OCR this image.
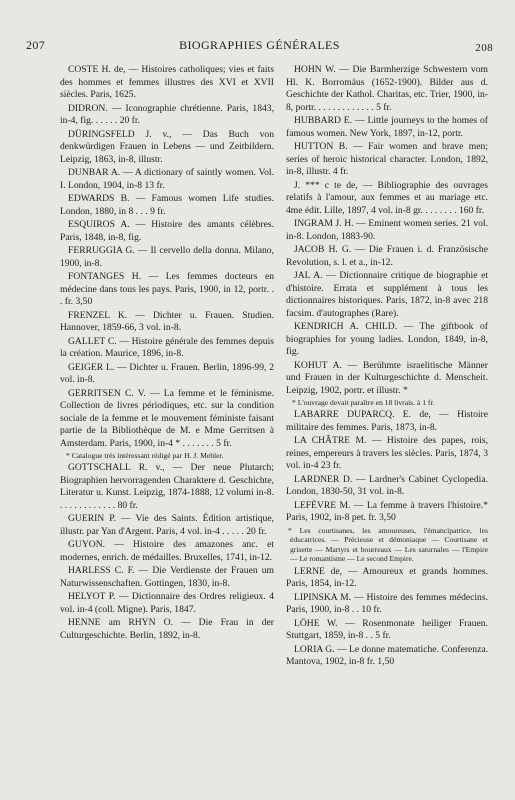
207	BIOGRAPHIES GÉNÉRALES	208

COSTE H. de, — Histoires catholiques; vies et faits des hommes et femmes illustres des XVI et XVII siècles. Paris, 1625.

DIDRON. — Iconographie chrétienne. Paris, 1843, in-4, fig. . . . . . 20 fr.

DÜRINGSFELD J. v., — Das Buch von denkwürdigen Frauen in Lebens — und Zeitbildern. Leipzig, 1863, in-8, illustr.

DUNBAR A. — A dictionary of saintly women. Vol. I. London, 1904, in-8 13 fr.

EDWARDS B. — Famous women Life studies. London, 1880, in 8 . . . 9 fr.

ESQUIROS A. — Histoire des amants célèbres. Paris, 1848, in-8, fig.

FERRUGGIA G. — Il cervello della donna. Milano, 1900, in-8.

FONTANGES H. — Les femmes docteurs en médecine dans tous les pays. Paris, 1900, in 12, portr. . . fr. 3,50

FRENZEL K. — Dichter u. Frauen. Studien. Hannover, 1859-66, 3 vol. in-8.

GALLET C. — Histoire générale des femmes depuis la création. Maurice, 1896, in-8.

GEIGER L. — Dichter u. Frauen. Berlin, 1896-99, 2 vol. in-8.

GERRITSEN C. V. — La femme et le féminisme. Collection de livres périodiques, etc. sur la condition sociale de la femme et le mouvement féministe faisant partie de la Bibliothèque de M. e Mme Gerritsen à Amsterdam. Paris, 1900, in-4 * . . . . . . . 5 fr.

* Catalogue très intéressant rédigé par H. J. Mehler.

GOTTSCHALL R. v., — Der neue Plutarch; Biographien hervorragenden Charaktere d. Geschichte, Literatur u. Kunst. Leipzig, 1874-1888, 12 volumi in-8. . . . . . . . . . . . . 80 fr.

GUERIN P. — Vie des Saints. Édition artistique, illustr. par Yan d'Argent. Paris, 4 vol. in-4 . . . . . 20 fr.

GUYON. — Histoire des amazones anc. et modernes, enrich. de médailles. Bruxelles, 1741, in-12.

HARLESS C. F. — Die Verdienste der Frauen um Naturwissenschaften. Gottingen, 1830, in-8.

HELYOT P. — Dictionnaire des Ordres religieux. 4 vol. in-4 (coll. Migne). Paris, 1847.

HENNE am RHYN O. — Die Frau in der Culturgeschichte. Berlin, 1892, in-8.

HOHN W. — Die Barmherzige Schwestern vom Hl. K. Borromäus (1652-1900). Bilder aus d. Geschichte der Kathol. Charitas, etc. Trier, 1900, in-8, portr. . . . . . . . . . . . . 5 fr.

HUBBARD E. — Little journeys to the homes of famous women. New York, 1897, in-12, portr.

HUTTON B. — Fair women and brave men; series of heroic historical character. London, 1892, in-8, illustr. 4 fr.

J. *** c te de, — Bibliographie des ouvrages relatifs à l'amour, aux femmes et au mariage etc. 4me édit. Lille, 1897, 4 vol. in-8 gr. . . . . . . . 160 fr.

INGRAM J. H. — Eminent women series. 21 vol. in-8. London, 1883-90.

JACOB H. G. — Die Frauen i. d. Französische Revolution, s. l. et a., in-12.

JAL A. — Dictionnaire critique de biographie et d'histoire. Errata et supplément à tous les dictionnaires historiques. Paris, 1872, in-8 avec 218 facsim. d'autographes (Rare).

KENDRICH A. CHILD. — The giftbook of biographies for young ladies. London, 1849, in-8, fig.

KOHUT A. — Berühmte israelitische Männer und Frauen in der Kulturgeschichte d. Menscheit. Leipzig, 1902, portr. et illustr. *

* L'ouvrage devait paraître en 18 livrais. à 1 fr.

LABARRE DUPARCQ. E. de, — Histoire militaire des femmes. Paris, 1873, in-8.

LA CHÂTRE M. — Histoire des papes, rois, reines, empereurs à travers les siècles. Paris, 1874, 3 vol. in-4 23 fr.

LARDNER D. — Lardner's Cabinet Cyclopedia. London, 1830-50, 31 vol. in-8.

LEFÈVRE M. — La femme à travers l'histoire.* Paris, 1902, in-8 pet. fr. 3,50

* Les courtisanes, les amoureuses, l'émancipatrice, les éducatrices. — Précieuse et démoniaque — Courtisane et grisette — Martyrs et bourreaux — Les saturnales — l'Empire — Le romantisme — Le second Empire.

LERNE de, — Amoureux et grands hommes. Paris, 1854, in-12.

LIPINSKA M. — Histoire des femmes médecins. Paris, 1900, in-8 . . 10 fr.

LÖHE W. — Rosenmonate heiliger Frauen. Stuttgart, 1859, in-8 . . 5 fr.

LORIA G. — Le donne matematiche. Conferenza. Mantova, 1902, in-8 fr. 1,50
